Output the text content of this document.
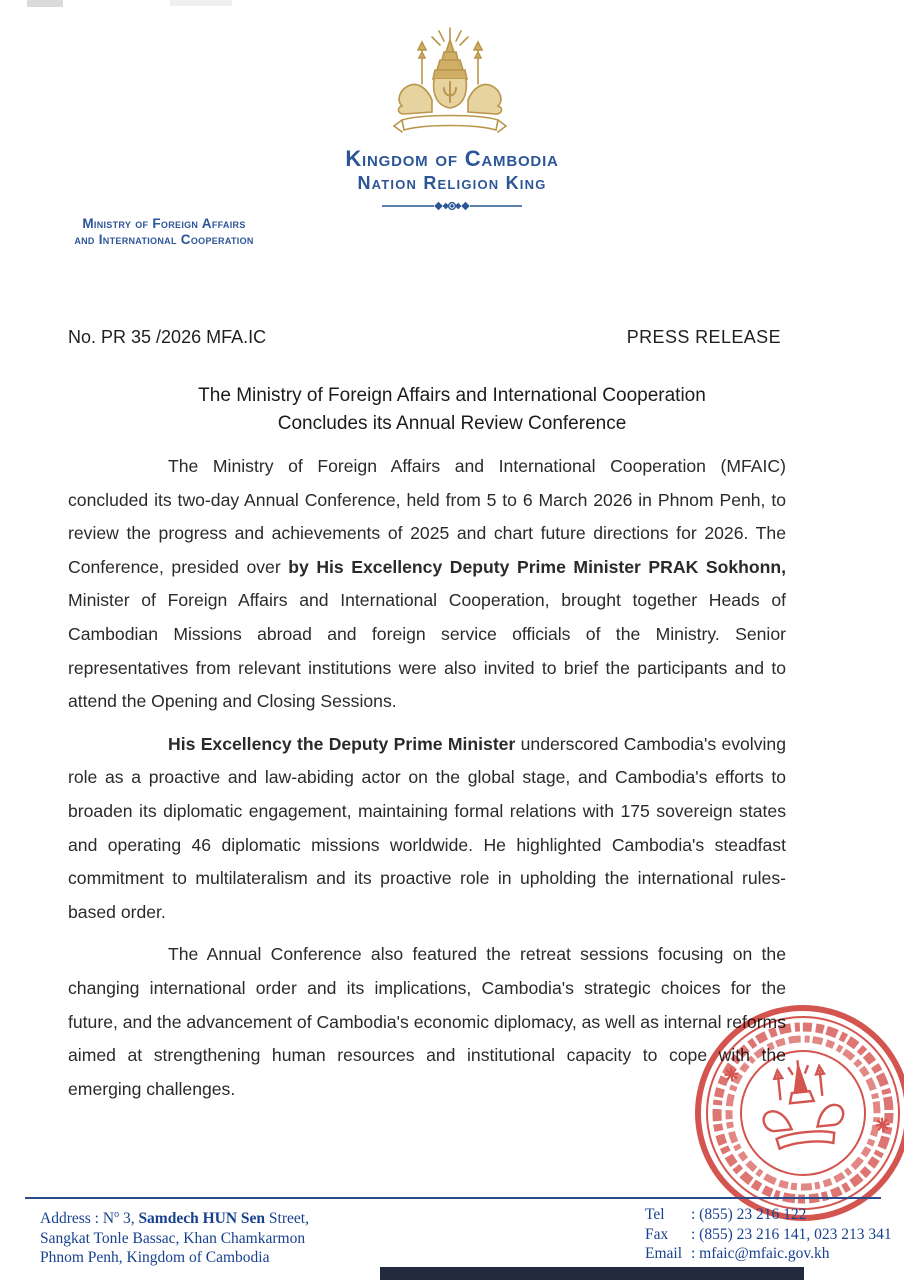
Kingdom of Cambodia
Nation Religion King
Ministry of Foreign Affairs
and International Cooperation
No. PR 35 /2026 MFA.IC	PRESS RELEASE
The Ministry of Foreign Affairs and International Cooperation
Concludes its Annual Review Conference

The Ministry of Foreign Affairs and International Cooperation (MFAIC) concluded its two-day Annual Conference, held from 5 to 6 March 2026 in Phnom Penh, to review the progress and achievements of 2025 and chart future directions for 2026. The Conference, presided over by His Excellency Deputy Prime Minister PRAK Sokhonn, Minister of Foreign Affairs and International Cooperation, brought together Heads of Cambodian Missions abroad and foreign service officials of the Ministry. Senior representatives from relevant institutions were also invited to brief the participants and to attend the Opening and Closing Sessions.

His Excellency the Deputy Prime Minister underscored Cambodia's evolving role as a proactive and law-abiding actor on the global stage, and Cambodia's efforts to broaden its diplomatic engagement, maintaining formal relations with 175 sovereign states and operating 46 diplomatic missions worldwide. He highlighted Cambodia's steadfast commitment to multilateralism and its proactive role in upholding the international rules-based order.

The Annual Conference also featured the retreat sessions focusing on the changing international order and its implications, Cambodia's strategic choices for the future, and the advancement of Cambodia's economic diplomacy, as well as internal reforms aimed at strengthening human resources and institutional capacity to cope with the emerging challenges.

Address : $N^o$ 3, Samdech HUN Sen Street,
Sangkat Tonle Bassac, Khan Chamkarmon
Phnom Penh, Kingdom of Cambodia
Tel	: (855) 23 216 122
Fax	: (855) 23 216 141, 023 213 341
Email : mfaic@mfaic.gov.kh
